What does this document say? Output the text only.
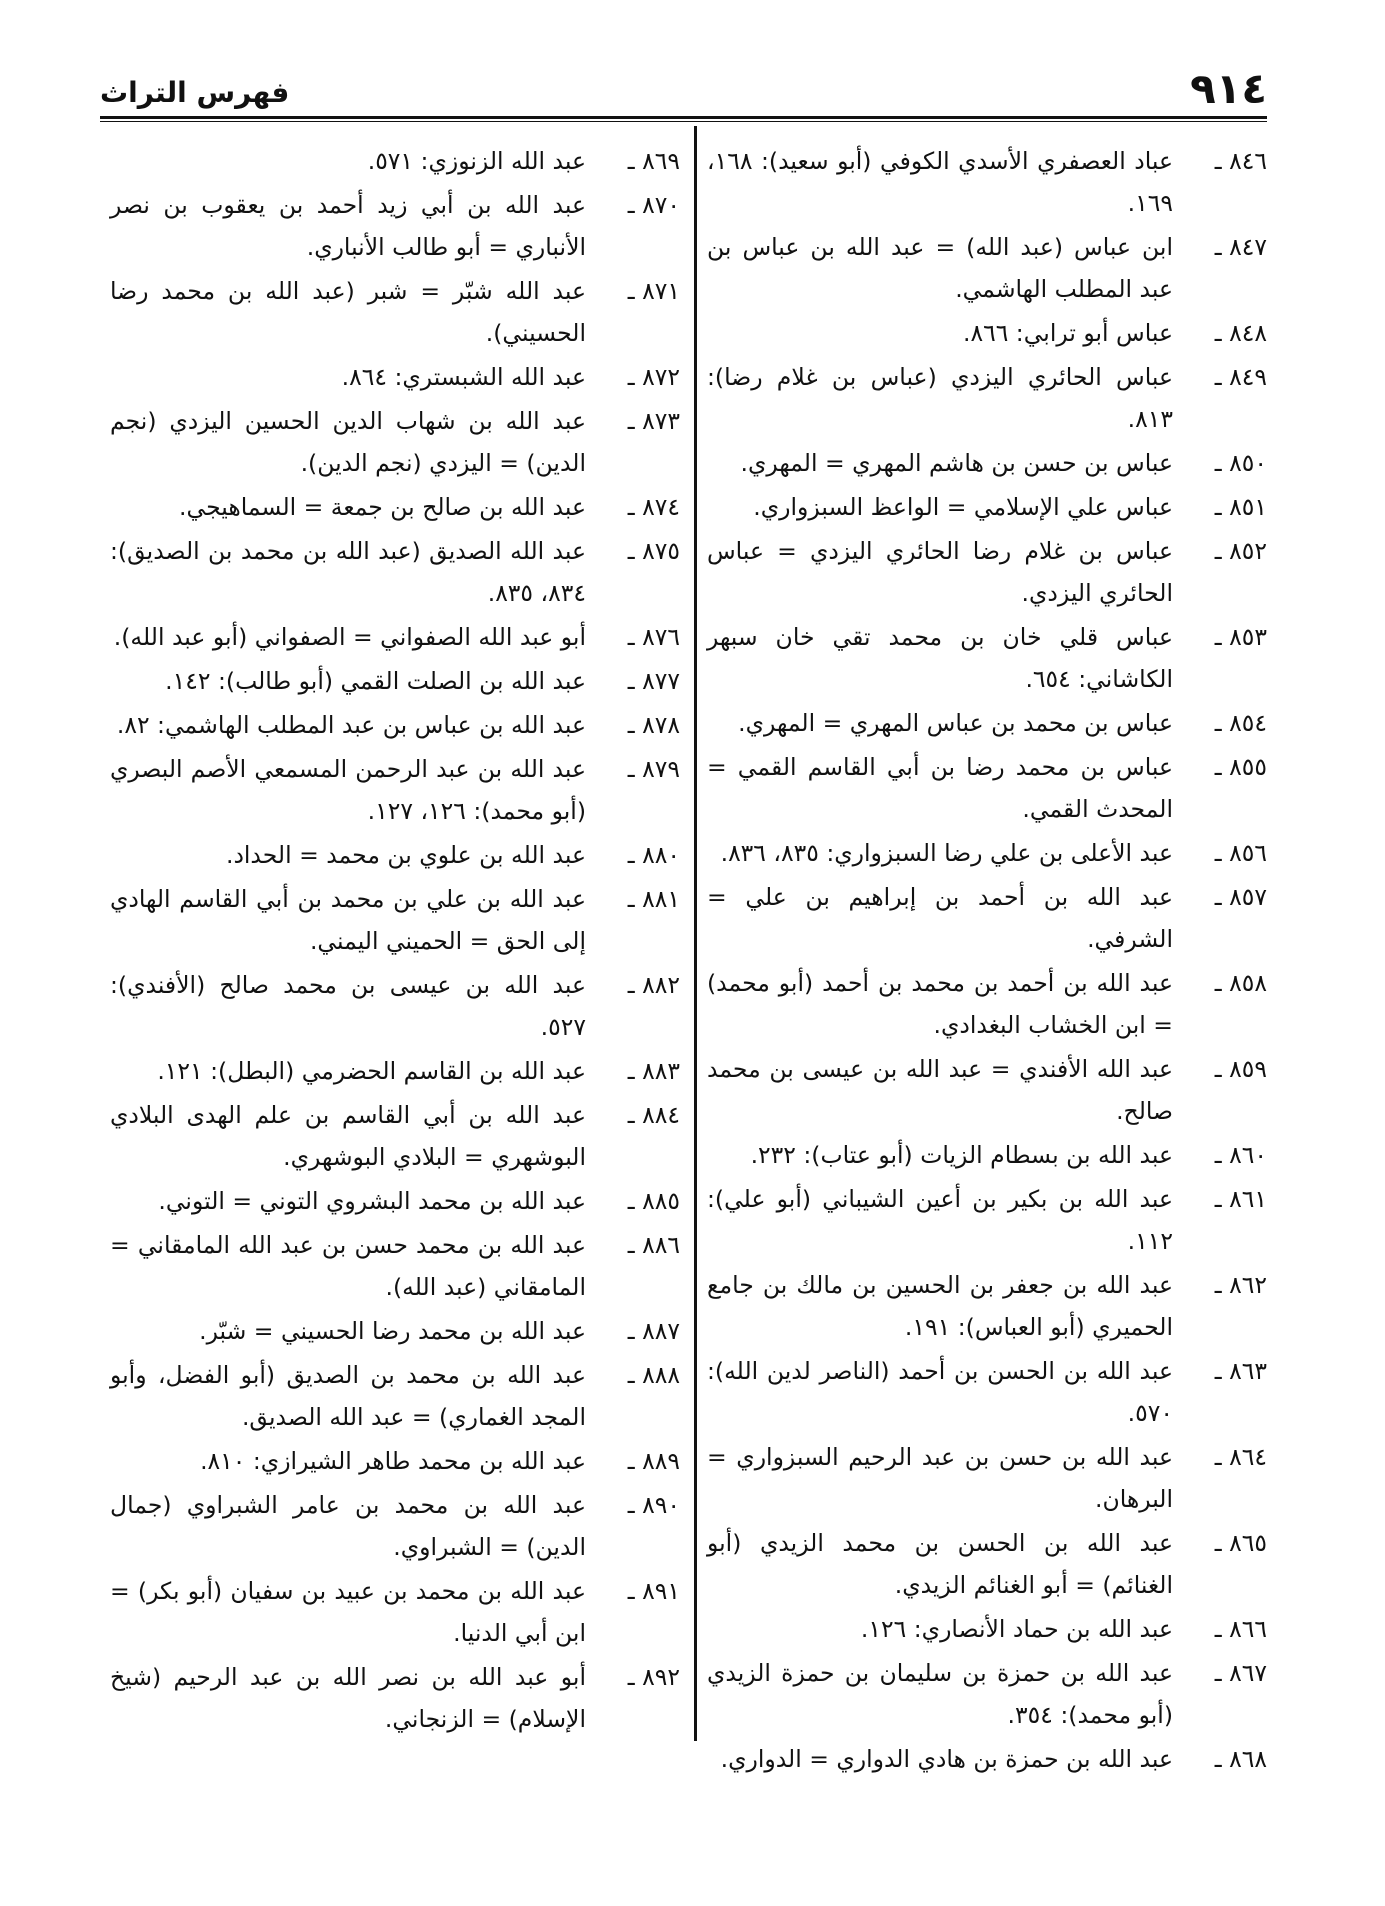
٩١٤
فهرس التراث
٨٤٦ ـ
عباد العصفري الأسدي الكوفي (أبو سعيد): ١٦٨، ١٦٩.
٨٤٧ ـ
ابن عباس (عبد الله) = عبد الله بن عباس بن عبد المطلب الهاشمي.
٨٤٨ ـ
عباس أبو ترابي: ٨٦٦.
٨٤٩ ـ
عباس الحائري اليزدي (عباس بن غلام رضا): ٨١٣.
٨٥٠ ـ
عباس بن حسن بن هاشم المهري = المهري.
٨٥١ ـ
عباس علي الإسلامي = الواعظ السبزواري.
٨٥٢ ـ
عباس بن غلام رضا الحائري اليزدي = عباس الحائري اليزدي.
٨٥٣ ـ
عباس قلي خان بن محمد تقي خان سبهر الكاشاني: ٦٥٤.
٨٥٤ ـ
عباس بن محمد بن عباس المهري = المهري.
٨٥٥ ـ
عباس بن محمد رضا بن أبي القاسم القمي = المحدث القمي.
٨٥٦ ـ
عبد الأعلى بن علي رضا السبزواري: ٨٣٥، ٨٣٦.
٨٥٧ ـ
عبد الله بن أحمد بن إبراهيم بن علي = الشرفي.
٨٥٨ ـ
عبد الله بن أحمد بن محمد بن أحمد (أبو محمد) = ابن الخشاب البغدادي.
٨٥٩ ـ
عبد الله الأفندي = عبد الله بن عيسى بن محمد صالح.
٨٦٠ ـ
عبد الله بن بسطام الزيات (أبو عتاب): ٢٣٢.
٨٦١ ـ
عبد الله بن بكير بن أعين الشيباني (أبو علي): ١١٢.
٨٦٢ ـ
عبد الله بن جعفر بن الحسين بن مالك بن جامع الحميري (أبو العباس): ١٩١.
٨٦٣ ـ
عبد الله بن الحسن بن أحمد (الناصر لدين الله): ٥٧٠.
٨٦٤ ـ
عبد الله بن حسن بن عبد الرحيم السبزواري = البرهان.
٨٦٥ ـ
عبد الله بن الحسن بن محمد الزيدي (أبو الغنائم) = أبو الغنائم الزيدي.
٨٦٦ ـ
عبد الله بن حماد الأنصاري: ١٢٦.
٨٦٧ ـ
عبد الله بن حمزة بن سليمان بن حمزة الزيدي (أبو محمد): ٣٥٤.
٨٦٨ ـ
عبد الله بن حمزة بن هادي الدواري = الدواري.
٨٦٩ ـ
عبد الله الزنوزي: ٥٧١.
٨٧٠ ـ
عبد الله بن أبي زيد أحمد بن يعقوب بن نصر الأنباري = أبو طالب الأنباري.
٨٧١ ـ
عبد الله شبّر = شبر (عبد الله بن محمد رضا الحسيني).
٨٧٢ ـ
عبد الله الشبستري: ٨٦٤.
٨٧٣ ـ
عبد الله بن شهاب الدين الحسين اليزدي (نجم الدين) = اليزدي (نجم الدين).
٨٧٤ ـ
عبد الله بن صالح بن جمعة = السماهيجي.
٨٧٥ ـ
عبد الله الصديق (عبد الله بن محمد بن الصديق): ٨٣٤، ٨٣٥.
٨٧٦ ـ
أبو عبد الله الصفواني = الصفواني (أبو عبد الله).
٨٧٧ ـ
عبد الله بن الصلت القمي (أبو طالب): ١٤٢.
٨٧٨ ـ
عبد الله بن عباس بن عبد المطلب الهاشمي: ٨٢.
٨٧٩ ـ
عبد الله بن عبد الرحمن المسمعي الأصم البصري (أبو محمد): ١٢٦، ١٢٧.
٨٨٠ ـ
عبد الله بن علوي بن محمد = الحداد.
٨٨١ ـ
عبد الله بن علي بن محمد بن أبي القاسم الهادي إلى الحق = الحميني اليمني.
٨٨٢ ـ
عبد الله بن عيسى بن محمد صالح (الأفندي): ٥٢٧.
٨٨٣ ـ
عبد الله بن القاسم الحضرمي (البطل): ١٢١.
٨٨٤ ـ
عبد الله بن أبي القاسم بن علم الهدى البلادي البوشهري = البلادي البوشهري.
٨٨٥ ـ
عبد الله بن محمد البشروي التوني = التوني.
٨٨٦ ـ
عبد الله بن محمد حسن بن عبد الله المامقاني = المامقاني (عبد الله).
٨٨٧ ـ
عبد الله بن محمد رضا الحسيني = شبّر.
٨٨٨ ـ
عبد الله بن محمد بن الصديق (أبو الفضل، وأبو المجد الغماري) = عبد الله الصديق.
٨٨٩ ـ
عبد الله بن محمد طاهر الشيرازي: ٨١٠.
٨٩٠ ـ
عبد الله بن محمد بن عامر الشبراوي (جمال الدين) = الشبراوي.
٨٩١ ـ
عبد الله بن محمد بن عبيد بن سفيان (أبو بكر) = ابن أبي الدنيا.
٨٩٢ ـ
أبو عبد الله بن نصر الله بن عبد الرحيم (شيخ الإسلام) = الزنجاني.
